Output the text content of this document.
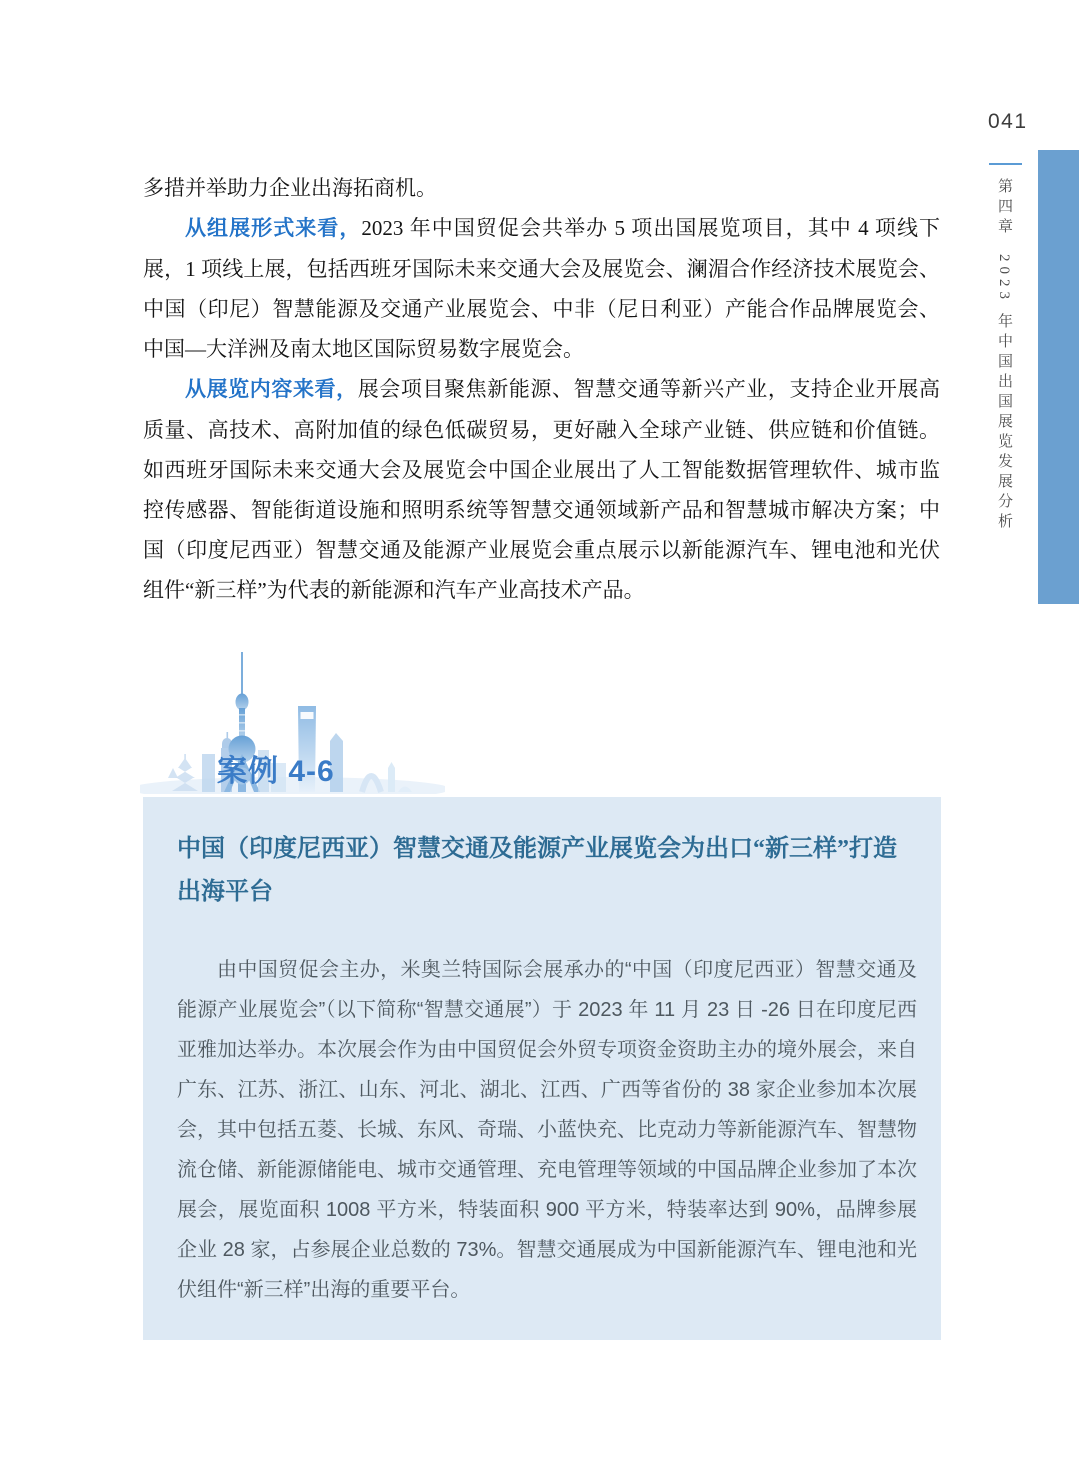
041
第四章2023 年中国出国展览发展分析

多措并举助力企业出海拓商机。

从组展形式来看，2023 年中国贸促会共举办 5 项出国展览项目，其中 4 项线下展，1 项线上展，包括西班牙国际未来交通大会及展览会、澜湄合作经济技术展览会、中国（印尼）智慧能源及交通产业展览会、中非（尼日利亚）产能合作品牌展览会、中国—大洋洲及南太地区国际贸易数字展览会。

从展览内容来看，展会项目聚焦新能源、智慧交通等新兴产业，支持企业开展高质量、高技术、高附加值的绿色低碳贸易，更好融入全球产业链、供应链和价值链。如西班牙国际未来交通大会及展览会中国企业展出了人工智能数据管理软件、城市监控传感器、智能街道设施和照明系统等智慧交通领域新产品和智慧城市解决方案；中国（印度尼西亚）智慧交通及能源产业展览会重点展示以新能源汽车、锂电池和光伏组件“新三样”为代表的新能源和汽车产业高技术产品。

案例 4-6
中国（印度尼西亚）智慧交通及能源产业展览会为出口“新三样”打造出海平台

由中国贸促会主办，米奥兰特国际会展承办的“中国（印度尼西亚）智慧交通及能源产业展览会”（以下简称“智慧交通展”）于 2023 年 11 月 23 日 -26 日在印度尼西亚雅加达举办。本次展会作为由中国贸促会外贸专项资金资助主办的境外展会，来自广东、江苏、浙江、山东、河北、湖北、江西、广西等省份的 38 家企业参加本次展会，其中包括五菱、长城、东风、奇瑞、小蓝快充、比克动力等新能源汽车、智慧物流仓储、新能源储能电、城市交通管理、充电管理等领域的中国品牌企业参加了本次展会，展览面积 1008 平方米，特装面积 900 平方米，特装率达到 90%，品牌参展企业 28 家，占参展企业总数的 73%。智慧交通展成为中国新能源汽车、锂电池和光伏组件“新三样”出海的重要平台。
